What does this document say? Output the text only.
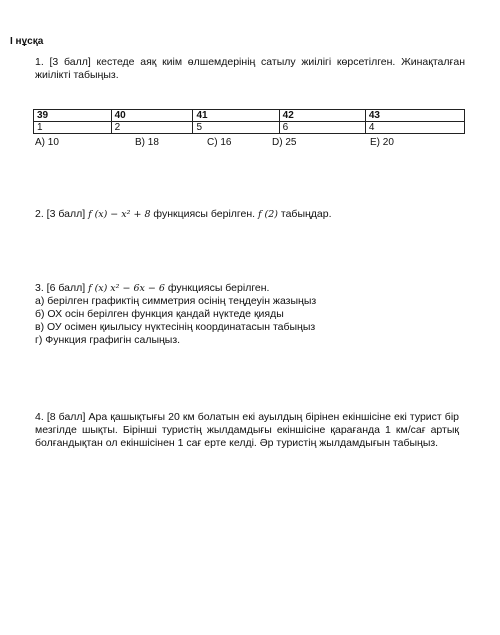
І нұсқа
1. [3 балл] кестеде аяқ киім өлшемдерінің сатылу жиілігі көрсетілген. Жинақталған жиілікті табыңыз.
39	40	41	42	43
1	2	5	6	4
А) 10	В) 18	С) 16	D) 25	Е) 20
2. [3 балл] f (x) − x² + 8 функциясы берілген. f (2) табыңдар.
3. [6 балл] f (x) x² − 6x − 6 функциясы берілген.
а) берілген графиктің симметрия осінің теңдеуін жазыңыз
б) ОХ осін берілген функция қандай нүктеде қияды
в) ОУ осімен қиылысу нүктесінің координатасын табыңыз
г) Функция графигін салыңыз.
4. [8 балл] Ара қашықтығы 20 км болатын екі ауылдың бірінен екіншісіне екі турист бір мезгілде шықты. Бірінші туристің жылдамдығы екіншісіне қарағанда 1 км/сағ артық болғандықтан ол екіншісінен 1 сағ ерте келді. Әр туристің жылдамдығын табыңыз.
